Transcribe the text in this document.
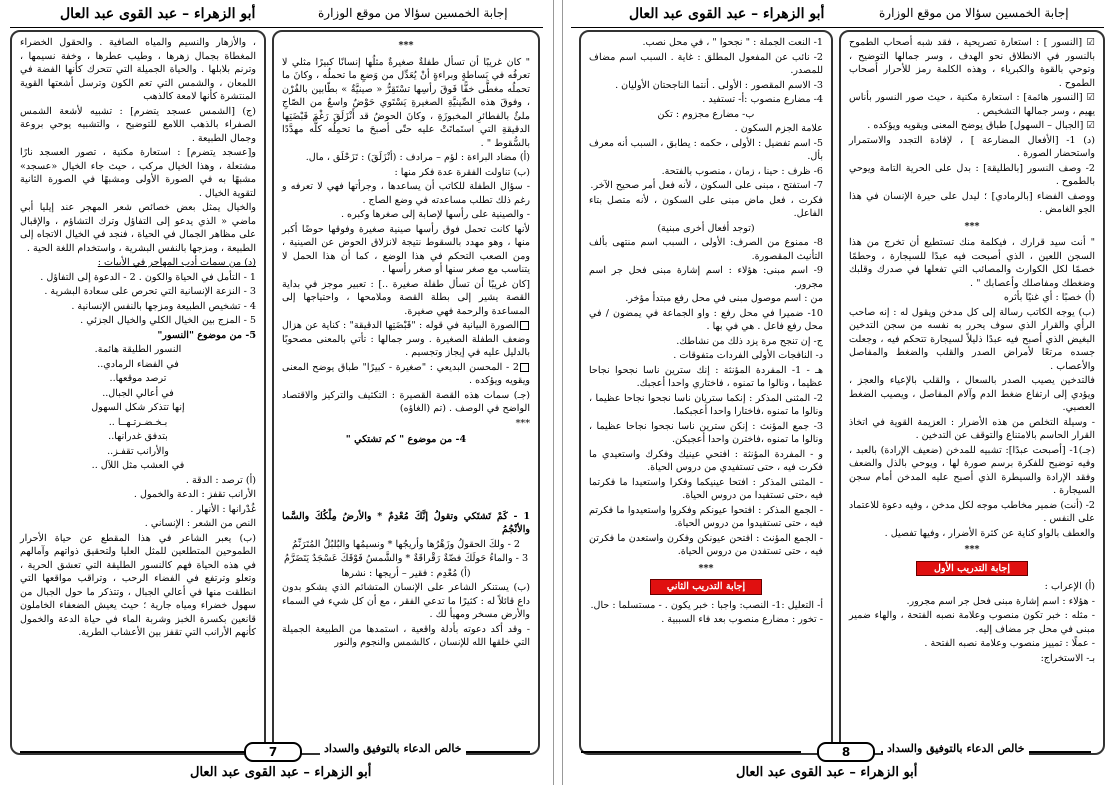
أبو الزهراء – عبد القوى عبد العال	إجابة الخمسين سؤالا من موقع الوزارة

***

" كان غريبًا أن تسأل طفلةٌ صغيرةٌ مثلُها إنسانًا كبيرًا مثلي لا تعرفُه في بَساطةٍ وبراءةٍ أنْ يُعَدِّل من وَضعِ ما تحملُه ، وكانَ ما تحملُه مغطَّى خفًّا فَوقَ رأسِها تسْتَقِرُّ « صينيَّةٌ » بطّابين بالفُرْن ، وفوقَ هذه الصِّينيَّةِ الصغيرةِ يَسْتَوي حَوْضٌ واسعٌ من الصّاجِ ملئٌ بالفطائرِ المخبوزَةِ ، وكانَ الحوضُ قد أَنْزَلَقَ رَغْمَ قَبْضَتِها الدقيقةِ التي استَماتَتْ عليه حتّى أصبحَ ما تحمِلُه كلُّه مهدَّدًا بالسُّقوط " .

(أ) مضاد البراءة : لؤم – مرادف : (أنْزَلَقَ) : تَزَحْلَق ، مال.

(ب) تناولت الفقرة عدة فكر منها :

- سؤال الطفلة للكاتب أن يساعدها ، وجرأتها فهي لا تعرفه و رغم ذلك تطلب مساعدته في وضع الصاج .

- والصينية على رأسها لإصابة إلى صغرها وكبره .

لأنها كانت تحمل فوق رأسها صينية صغيرة وفوقها حوضًا أكبر منها ، وهو مهدد بالسقوط نتيجة لانزلاق الحوض عن الصينية ، ومن الصعب التحكم في هذا الوضع ، كما أن هذا الحمل لا يتناسب مع صغر سنها أو صغر رأسها .

[كان غريبًا أن تسأل طفلة صغيرة ..] : تعبير موجز في بداية القصة يشير إلى بطلة القصة وملامحها ، واحتياجها إلى المساعدة والرحمة فهي صغيرة.

الصورة البيانية في قوله : "قَبْضَتِها الدقيقة" : كناية عن هزال وضعف الطفلة الصغيرة . وسر جمالها : تأتي بالمعنى مصحوبًا بالدليل عليه في إيجاز وتجسيم .

2 - المحسن البديعي : "صغيرة - كبيرًا" طباق يوضح المعنى ويقويه ويؤكده .

(جـ) سمات هذه القصة القصيرة : التكثيف والتركيز والاقتصاد الواضح في الوصف . (تم (الغاؤه)

***

4- من موضوع " كم تشتكي "

1 - كَمْ تَشتَكي وتقولُ إنَّكَ مُعْدِمٌ * والأرضُ مِلْكُكَ والسَّما والأنْجُمُ

2 - ولكَ الحقولُ وزَهْرُها وأريجُها * ونسيمُها والبُلبُلُ المُتَرَنِّمُ

3 - والماءُ حَولَكَ فضّةٌ رَقْراقَةٌ * والشَّمسُ فَوْقَكَ عَسْجَدٌ يَتَضَرَّمُ

(أ) مُعْدِم : فقير – أريجها : نشرها

(ب) يستنكر الشاعر على الإنسان المتشائم الذي يشكو بدون داع قائلاً له : كثيرًا ما تدعي الفقر ، مع أن كل شيء في السماء والأرض مسخر ومهيأ لك .

- وقد أكد دعوته بأدلة واقعية ، استمدها من الطبيعة الجميلة التي خلقها الله للإنسان ، كالشمس والنجوم والنور

، والأزهار والنسيم والمياه الصافية . والحقول الخضراء المغطاة بجمال زهرها ، وطيب عطرها ، وخفة نسيمها ، وترنم بلابلها . والحياة الجميلة التي تتحرك كأنها الفضة في اللمعان ، والشمس التي تعم الكون وترسل أشعتها القوية المنتشرة كأنها لامعة كالذهب

(ج) [الشمس عسجد يتضرم] : تشبيه لأشعة الشمس الصفراء بالذهب اللامع للتوضيح ، والتشبيه يوحي بروعة وجمال الطبيعة .

و[عسجد يتضرم] : استعارة مكنية ، تصور العسجد نارًا مشتعلة ، وهذا الخيال مركب ، حيث جاء الخيال «عسجد» مشبهًا به في الصورة الأولى ومشبهًا في الصورة الثانية لتقوية الخيال .

والخيال يمثل بعض خصائص شعر المهجر عند إيليا أبي ماضي « الذي يدعو إلى التفاؤل وترك التشاؤم ، والإقبال على مظاهر الجمال في الحياة ، فنجد في الخيال الاتجاه إلى الطبيعة ، ومزجها بالنفس البشرية ، واستخدام اللغة الحية .

(د) من سمات أدب المهاجر في الأبيات :

1 - التأمل في الحياة والكون . 2 - الدعوة إلى التفاؤل .

3 - النزعة الإنسانية التي تحرص على سعادة البشرية .

4 - تشخيص الطبيعة ومزجها بالنفس الإنسانية .

5 - المزج بين الخيال الكلي والخيال الجزئي .

5- من موضوع "النسور"

النسور الطليقة هائمة.

في الفضاء الرمادي..

ترصد موقعها..

في أعالي الجبال..

إنها تتذكر شكل السهول

بـخـضـرتـهــا ..

بتدفق غدرانها..

والأرانب تقفـز..

في العشب مثل اللآل ..

(أ) ترصد : الدقة .

الأرانب تقفز : الدعة والخمول .

غُدْرانها : الأنهار .

النص من الشعر : الإنساني .

(ب) يعبر الشاعر في هذا المقطع عن حياة الأحرار الطموحين المتطلعين للمثل العليا ولتحقيق ذواتهم وآمالهم في هذه الحياة فهم كالنسور الطليقة التي تعشق الحرية ، وتعلو وترتفع في الفضاء الرحب ، وتراقب مواقعها التي انطلقت منها في أعالي الجبال ، وتتذكر ما حول الجبال من سهول خضراء ومياه جارية ؛ حيث يعيش الضعفاء الخاملون قانعين بكسرة الخبز وشربة الماء في حياة الدعة والخمول كأنهم الأرانب التي تقفز بين الأعشاب الطرية.

7	خالص الدعاء بالتوفيق والسداد
أبو الزهراء – عبد القوى عبد العال
أبو الزهراء – عبد القوى عبد العال	إجابة الخمسين سؤالا من موقع الوزارة

☑ [النسور ] : استعارة تصريحية ، فقد شبه أصحاب الطموح بالنسور في الانطلاق نحو الهدف ، وسر جمالها التوضيح ، وتوحي بالقوة والكبرياء ، وهذه الكلمة رمز للأحرار أصحاب الطموح .

☑ [النسور هائمة] : استعارة مكنية ، حيث صور النسور بأناس يهيم ، وسر جمالها التشخيص .

☑ [الجبال – السهول] طباق يوضح المعنى ويقويه ويؤكده .

(د) 1- [الأفعال المضارعة ] ، لإفادة التجدد والاستمرار واستحضار الصورة .

2- وصف النسور [بالطليقة] : بدل على الحرية التامة ويوحي بالطموح .

ووصف الفضاء [بالرمادي] ؛ ليدل على حيرة الإنسان في هذا الجو الغامض .

***

" أنت سيد قرارك ، فيكلمة منك تستطيع أن تخرج من هذا السجن اللعين ، الذي أصبحت فيه عبدًا للسيجارة ، وحطمًا خصمًا لكل الكوارث والمصائب التي تفعلها في صدرك وقلبك وضغطك ومفاصلك وأعصابك " .

(أ) خصبًا : أي غنيًا بأثره

(ب) يوجه الكاتب رسالة إلى كل مدخن ويقول له : إنه صاحب الرأي والقرار الذي سوف يحرر به نفسه من سجن التدخين البغيض الذي أصبح فيه عبدًا ذليلاً لسيجارة تتحكم فيه ، وجعلت جسده مرتعًا لأمراض الصدر والقلب والضغط والمفاصل والأعصاب .

فالتدخين يصيب الصدر بالسعال ، والقلب بالإعياء والعجز ، ويؤدي إلى ارتفاع ضغط الدم وآلام المفاصل ، ويصيب الضغط العصبي.

- وسيلة التخلص من هذه الأضرار : العزيمة القوية في اتخاذ القرار الحاسم بالامتناع والتوقف عن التدخين .

(جـ)1- [أصبحت عبدًا]: تشبيه للمدخن (ضعيف الإرادة) بالعبد ، وفيه توضيح للفكرة برسم صورة لها ، ويوحي بالذل والضعف وفقد الإرادة والسيطرة الذي أصبح عليه المدخن أمام سجن السيجارة .

2- (أنت) ضمير مخاطب موجه لكل مدخن ، وفيه دعوة للاعتماد على النفس .

والعطف بالواو كناية عن كثرة الأضرار ، وفيها تفصيل .

***

إجابة التدريب الأول

(أ) الإعراب :

- هؤلاء : اسم إشارة مبنى فحل جر اسم مجرور.

- مثله : خبر تكون منصوب وعلامة نصبه الفتحة ، والهاء ضمير مبنى في محل جر مضاف إليه.

- عملًا : تمييز منصوب وعلامة نصبه الفتحة .

بـ- الاستخراج:

1- النعت الجملة : " نجحوا " ، في محل نصب.

2- نائب عن المفعول المطلق : غاية . السبب اسم مضاف للمصدر.

3- الاسم المقصور : الأولى . أنتما الناجحتان الأوليان .

4- مضارع منصوب :أ- تستفيد .

ب- مضارع مجزوم : تكن

علامة الجزم السكون .

5- اسم تفضيل : الأولى ، حكمه : يطابق ، السبب أنه معرف بأل.

6- ظرف : حينا ، زمان ، منصوب بالفتحة.

7- استفتح ، مبنى على السكون ، لأنه فعل أمر صحيح الآخر.

فكرت ، فعل ماض مبنى على السكون ، لأنه متصل بتاء الفاعل.

(توجد أفعال أخرى مبنية)

8- ممنوع من الصرف: الأولى ، السبب اسم منتهى بألف التأنيث المقصورة.

9- اسم مبنى: هؤلاء : اسم إشارة مبنى فحل جر اسم مجرور.

من : اسم موصول مبنى في محل رفع مبتدأ مؤخر.

10- ضميرا في محل رفع : واو الجماعة في يمضون / في محل رفع فاعل . هي في بها .

ج- إن تنجح مرة يزد ذلك من نشاطك.

د- النافجات الأولى الفردات متفوقات .

هـ - 1- المفردة المؤنثة : إنك سترين ناسا نجحوا نجاحا عظيما ، ونالوا ما تمنوه ، فاختاري واحدا أعجبك.

2- المثنى المذكر : إنكما ستريان ناسا نجحوا نجاحا عظيما ، ونالوا ما تمنوه ،فاختارا واحدا أعجبكما.

3- جمع المؤنث : إنكن سترين ناسا نجحوا نجاحا عظيما ، ونالوا ما تمنوه ،فاخترن واحدا أعجبكن.

و - المفردة المؤنثة : افتحي عينيك وفكرك واستعيدي ما فكرت فيه ، حتى تستفيدي من دروس الحياة.

- المثنى المذكر : افتحا عينيكما وفكرا واستعيدا ما فكرتما فيه ،حتى تستفيدا من دروس الحياة.

- الجمع المذكر : افتحوا عيونكم وفكروا واستعيدوا ما فكرتم فيه ، حتى تستفيدوا من دروس الحياة.

- الجمع المؤنث : افتحن عيونكن وفكرن واستعدن ما فكرتن فيه ، حتى تستفدن من دروس الحياة.

***

إجابة التدريب الثاني

أ- التعليل :1- النصب: واجبا : خبر يكون . - مستسلما : حال.

- تخور : مضارع منصوب بعد فاء السببية .

8	خالص الدعاء بالتوفيق والسداد
أبو الزهراء – عبد القوى عبد العال
